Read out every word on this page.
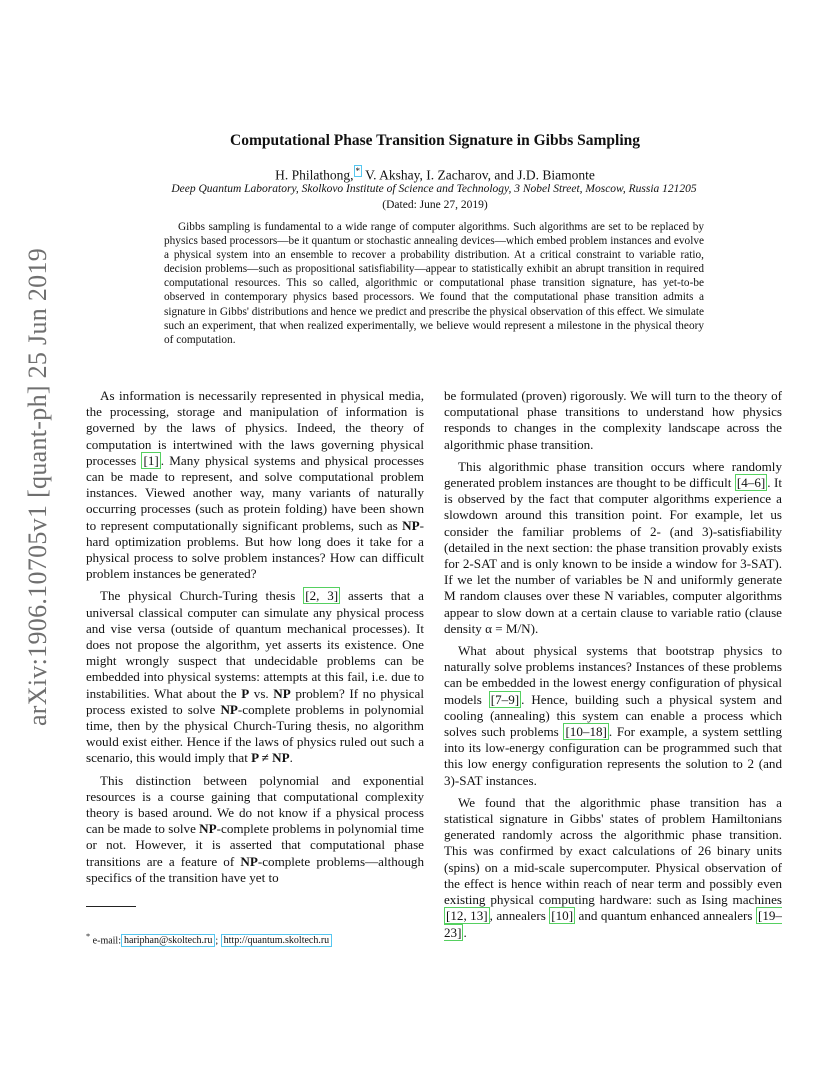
arXiv:1906.10705v1 [quant-ph] 25 Jun 2019
Computational Phase Transition Signature in Gibbs Sampling
H. Philathong, * V. Akshay, I. Zacharov, and J.D. Biamonte
Deep Quantum Laboratory, Skolkovo Institute of Science and Technology, 3 Nobel Street, Moscow, Russia 121205
(Dated: June 27, 2019)
Gibbs sampling is fundamental to a wide range of computer algorithms. Such algorithms are set to be replaced by physics based processors—be it quantum or stochastic annealing devices—which embed problem instances and evolve a physical system into an ensemble to recover a probability distribution. At a critical constraint to variable ratio, decision problems—such as propositional satisfiability—appear to statistically exhibit an abrupt transition in required computational resources. This so called, algorithmic or computational phase transition signature, has yet-to-be observed in contemporary physics based processors. We found that the computational phase transition admits a signature in Gibbs' distributions and hence we predict and prescribe the physical observation of this effect. We simulate such an experiment, that when realized experimentally, we believe would represent a milestone in the physical theory of computation.

As information is necessarily represented in physical media, the processing, storage and manipulation of information is governed by the laws of physics. Indeed, the theory of computation is intertwined with the laws governing physical processes [1] . Many physical systems and physical processes can be made to represent, and solve computational problem instances. Viewed another way, many variants of naturally occurring processes (such as protein folding) have been shown to represent computationally significant problems, such as NP-hard optimization problems. But how long does it take for a physical process to solve problem instances? How can difficult problem instances be generated?

The physical Church-Turing thesis [2, 3] asserts that a universal classical computer can simulate any physical process and vise versa (outside of quantum mechanical processes). It does not propose the algorithm, yet asserts its existence. One might wrongly suspect that undecidable problems can be embedded into physical systems: attempts at this fail, i.e. due to instabilities. What about the P vs. NP problem? If no physical process existed to solve NP-complete problems in polynomial time, then by the physical Church-Turing thesis, no algorithm would exist either. Hence if the laws of physics ruled out such a scenario, this would imply that P ≠ NP.

This distinction between polynomial and exponential resources is a course gaining that computational complexity theory is based around. We do not know if a physical process can be made to solve NP-complete problems in polynomial time or not. However, it is asserted that computational phase transitions are a feature of NP-complete problems—although specifics of the transition have yet to

be formulated (proven) rigorously. We will turn to the theory of computational phase transitions to understand how physics responds to changes in the complexity landscape across the algorithmic phase transition.

This algorithmic phase transition occurs where randomly generated problem instances are thought to be difficult [4–6] . It is observed by the fact that computer algorithms experience a slowdown around this transition point. For example, let us consider the familiar problems of 2- (and 3)-satisfiability (detailed in the next section: the phase transition provably exists for 2-SAT and is only known to be inside a window for 3-SAT). If we let the number of variables be N and uniformly generate M random clauses over these N variables, computer algorithms appear to slow down at a certain clause to variable ratio (clause density α = M/N).

What about physical systems that bootstrap physics to naturally solve problems instances? Instances of these problems can be embedded in the lowest energy configuration of physical models [7–9] . Hence, building such a physical system and cooling (annealing) this system can enable a process which solves such problems [10–18] . For example, a system settling into its low-energy configuration can be programmed such that this low energy configuration represents the solution to 2 (and 3)-SAT instances.

We found that the algorithmic phase transition has a statistical signature in Gibbs' states of problem Hamiltonians generated randomly across the algorithmic phase transition. This was confirmed by exact calculations of 26 binary units (spins) on a mid-scale supercomputer. Physical observation of the effect is hence within reach of near term and possibly even existing physical computing hardware: such as Ising machines [12, 13] , annealers [10] and quantum enhanced annealers [19–23] .

* e-mail: hariphan@skoltech.ru ; http://quantum.skoltech.ru
